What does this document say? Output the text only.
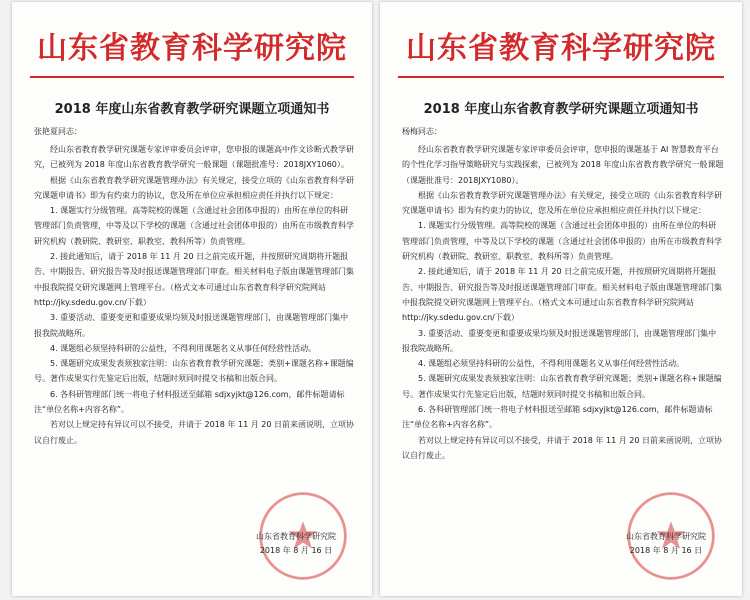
山东省教育科学研究院
2018 年度山东省教育教学研究课题立项通知书
张艳夏同志：

经山东省教育教学研究课题专家评审委员会评审，您申报的课题高中作文诊断式教学研究，已被列为 2018 年度山东省教育教学研究一般课题（课题批准号：2018JXY1060）。

根据《山东省教育教学研究课题管理办法》有关规定，接受立项的《山东省教育科学研究课题申请书》即为有约束力的协议，您及所在单位应承担相应责任并执行以下规定：

1. 课题实行分级管理。高等院校的课题（含通过社会团体申报的）由所在单位的科研管理部门负责管理，中等及以下学校的课题（含通过社会团体申报的）由所在市级教育科学研究机构（教研院、教研室、职教室、教科所等）负责管理。

2. 接此通知后，请于 2018 年 11 月 20 日之前完成开题，并按照研究周期将开题报告、中期报告、研究报告等及时报送课题管理部门审查。相关材料电子版由课题管理部门集中报我院提交研究课题网上管理平台。（格式文本可通过山东省教育科学研究院网站 http://jky.sdedu.gov.cn/下载）

3. 重要活动、重要变更和重要成果均须及时报送课题管理部门，由课题管理部门集中报我院战略所。

4. 课题组必须坚持科研的公益性，不得利用课题名义从事任何经营性活动。

5. 课题研究成果发表须独家注明：山东省教育教学研究课题；类别+课题名称+课题编号。著作成果实行先鉴定后出版，结题时须同时提交书稿和出版合同。

6. 各科研管理部门统一将电子材料报送至邮箱 sdjxyjkt@126.com，邮件标题请标注“单位名称+内容名称”。

若对以上规定持有异议可以不接受，并请于 2018 年 11 月 20 日前来函说明，立项协议自行废止。

山东省教育科学研究院
2018 年 8 月 16 日
山东省教育科学研究院
2018 年度山东省教育教学研究课题立项通知书
杨梅同志：

经山东省教育教学研究课题专家评审委员会评审，您申报的课题基于 AI 智慧教育平台的个性化学习指导策略研究与实践探索，已被列为 2018 年度山东省教育教学研究一般课题（课题批准号：2018JXY1080）。

根据《山东省教育教学研究课题管理办法》有关规定，接受立项的《山东省教育科学研究课题申请书》即为有约束力的协议，您及所在单位应承担相应责任并执行以下规定：

1. 课题实行分级管理。高等院校的课题（含通过社会团体申报的）由所在单位的科研管理部门负责管理，中等及以下学校的课题（含通过社会团体申报的）由所在市级教育科学研究机构（教研院、教研室、职教室、教科所等）负责管理。

2. 接此通知后，请于 2018 年 11 月 20 日之前完成开题，并按照研究周期将开题报告、中期报告、研究报告等及时报送课题管理部门审查。相关材料电子版由课题管理部门集中报我院提交研究课题网上管理平台。（格式文本可通过山东省教育科学研究院网站 http://jky.sdedu.gov.cn/下载）

3. 重要活动、重要变更和重要成果均须及时报送课题管理部门，由课题管理部门集中报我院战略所。

4. 课题组必须坚持科研的公益性，不得利用课题名义从事任何经营性活动。

5. 课题研究成果发表须独家注明：山东省教育教学研究课题；类别+课题名称+课题编号。著作成果实行先鉴定后出版，结题时须同时提交书稿和出版合同。

6. 各科研管理部门统一将电子材料报送至邮箱 sdjxyjkt@126.com，邮件标题请标注“单位名称+内容名称”。

若对以上规定持有异议可以不接受，并请于 2018 年 11 月 20 日前来函说明，立项协议自行废止。

山东省教育科学研究院
2018 年 8 月 16 日
